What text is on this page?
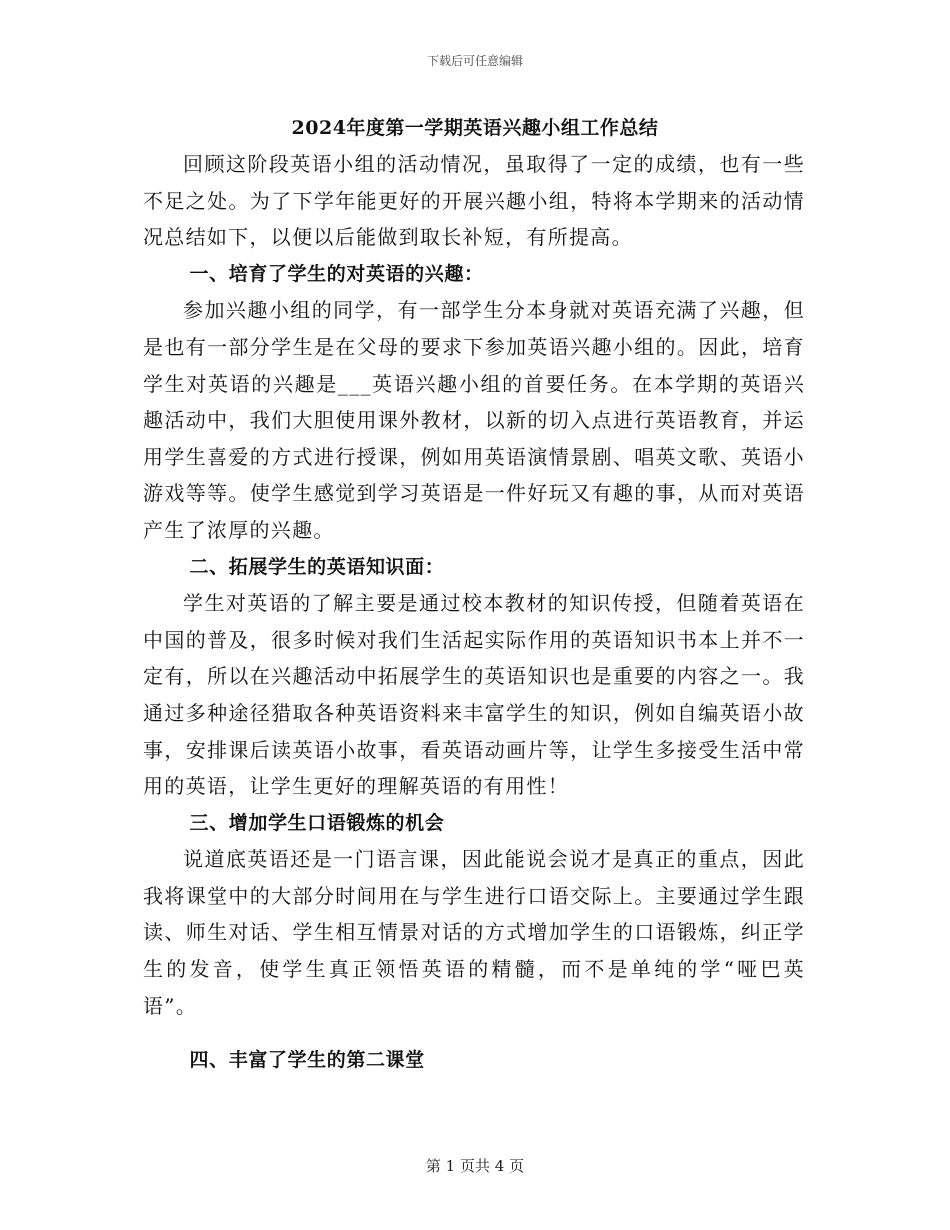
下载后可任意编辑
2024年度第一学期英语兴趣小组工作总结

回顾这阶段英语小组的活动情况，虽取得了一定的成绩，也有一些不足之处。为了下学年能更好的开展兴趣小组，特将本学期来的活动情况总结如下，以便以后能做到取长补短，有所提高。

一、培育了学生的对英语的兴趣：

参加兴趣小组的同学，有一部学生分本身就对英语充满了兴趣，但是也有一部分学生是在父母的要求下参加英语兴趣小组的。因此，培育学生对英语的兴趣是___英语兴趣小组的首要任务。在本学期的英语兴趣活动中，我们大胆使用课外教材，以新的切入点进行英语教育，并运用学生喜爱的方式进行授课，例如用英语演情景剧、唱英文歌、英语小游戏等等。使学生感觉到学习英语是一件好玩又有趣的事，从而对英语产生了浓厚的兴趣。

二、拓展学生的英语知识面：

学生对英语的了解主要是通过校本教材的知识传授，但随着英语在中国的普及，很多时候对我们生活起实际作用的英语知识书本上并不一定有，所以在兴趣活动中拓展学生的英语知识也是重要的内容之一。我通过多种途径猎取各种英语资料来丰富学生的知识，例如自编英语小故事，安排课后读英语小故事，看英语动画片等，让学生多接受生活中常用的英语，让学生更好的理解英语的有用性！

三、增加学生口语锻炼的机会

说道底英语还是一门语言课，因此能说会说才是真正的重点，因此我将课堂中的大部分时间用在与学生进行口语交际上。主要通过学生跟读、师生对话、学生相互情景对话的方式增加学生的口语锻炼，纠正学生的发音，使学生真正领悟英语的精髓，而不是单纯的学“哑巴英语”。

四、丰富了学生的第二课堂

第 1 页共 4 页
